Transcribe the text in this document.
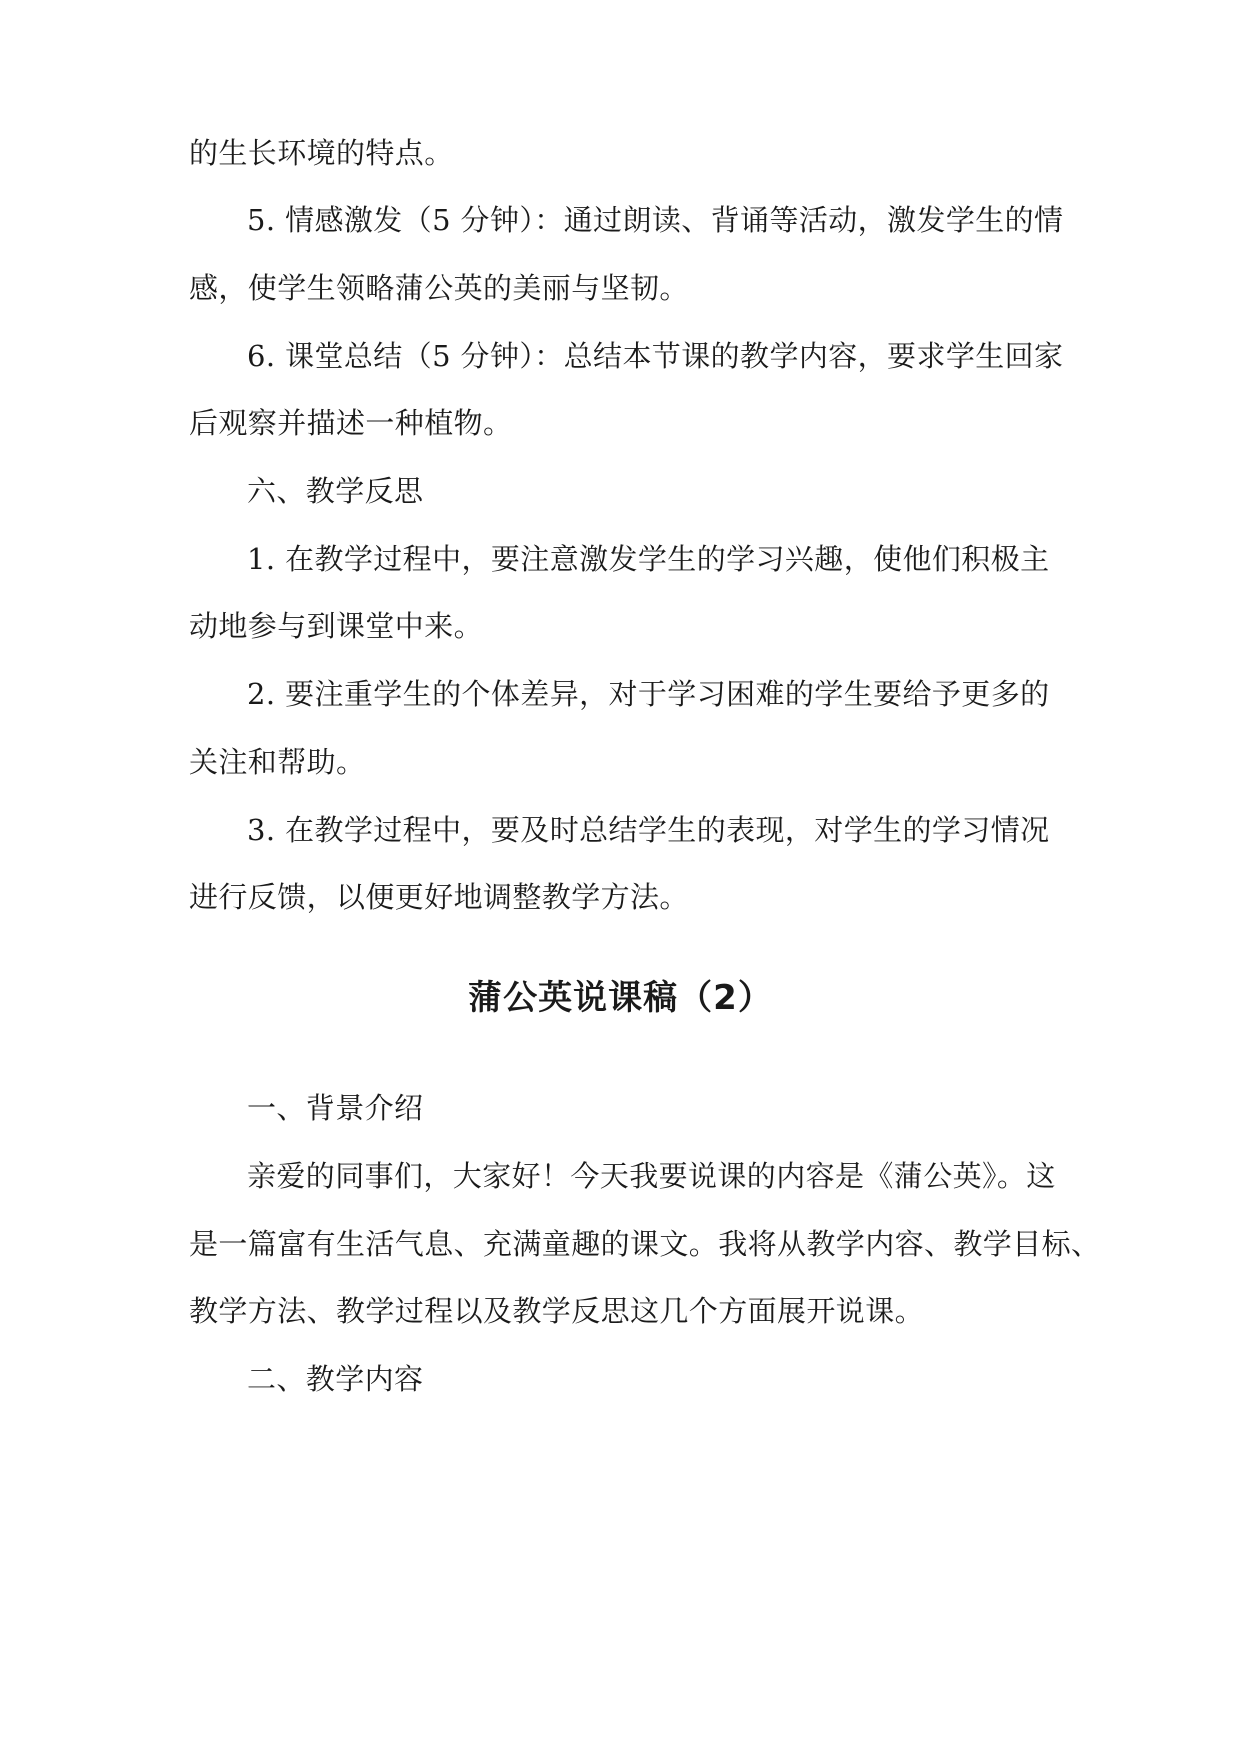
的生长环境的特点。
5. 情感激发（5 分钟）：通过朗读、背诵等活动，激发学生的情
感，使学生领略蒲公英的美丽与坚韧。
6. 课堂总结（5 分钟）：总结本节课的教学内容，要求学生回家
后观察并描述一种植物。
六、教学反思
1. 在教学过程中，要注意激发学生的学习兴趣，使他们积极主
动地参与到课堂中来。
2. 要注重学生的个体差异，对于学习困难的学生要给予更多的
关注和帮助。
3. 在教学过程中，要及时总结学生的表现，对学生的学习情况
进行反馈，以便更好地调整教学方法。
蒲公英说课稿（2）
一、背景介绍
亲爱的同事们，大家好！今天我要说课的内容是《蒲公英》。这
是一篇富有生活气息、充满童趣的课文。我将从教学内容、教学目标、
教学方法、教学过程以及教学反思这几个方面展开说课。
二、教学内容
